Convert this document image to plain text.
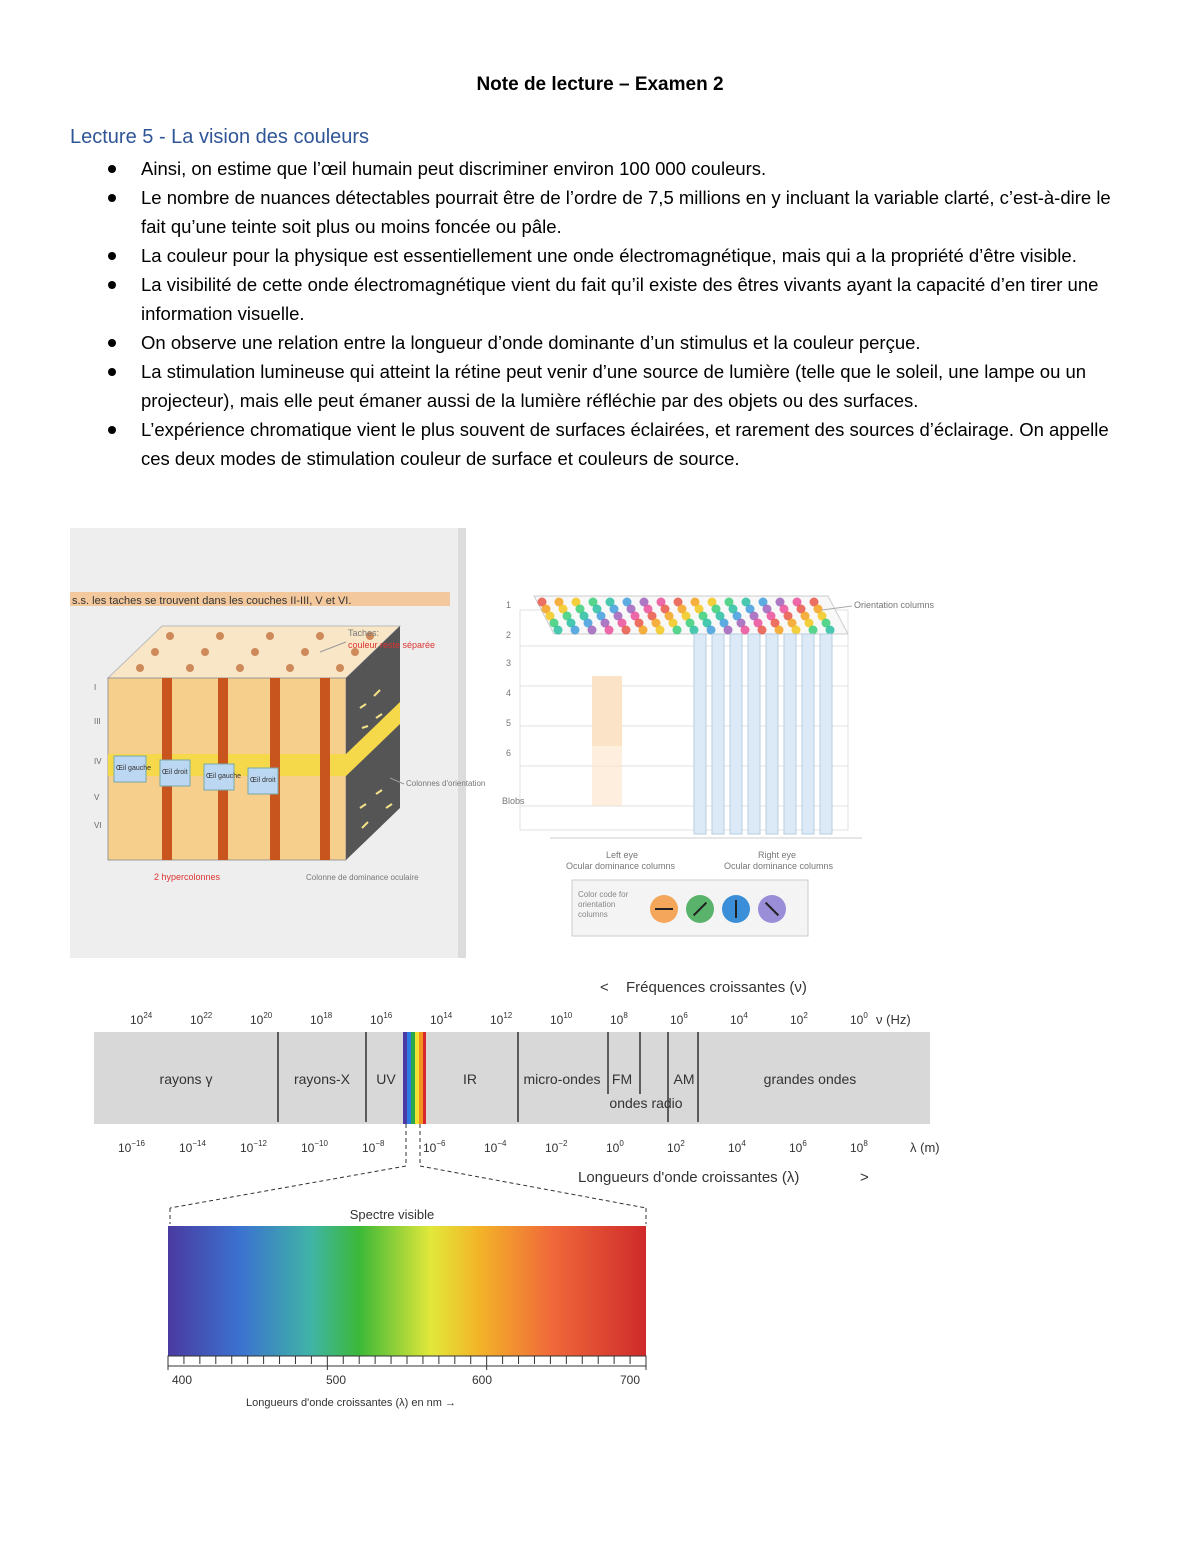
Note de lecture – Examen 2
Lecture 5 - La vision des couleurs
Ainsi, on estime que l’œil humain peut discriminer environ 100 000 couleurs.
Le nombre de nuances détectables pourrait être de l’ordre de 7,5 millions en y incluant la variable clarté, c’est-à-dire le fait qu’une teinte soit plus ou moins foncée ou pâle.
La couleur pour la physique est essentiellement une onde électromagnétique, mais qui a la propriété d’être visible.
La visibilité de cette onde électromagnétique vient du fait qu’il existe des êtres vivants ayant la capacité d’en tirer une information visuelle.
On observe une relation entre la longueur d’onde dominante d’un stimulus et la couleur perçue.
La stimulation lumineuse qui atteint la rétine peut venir d’une source de lumière (telle que le soleil, une lampe ou un projecteur), mais elle peut émaner aussi de la lumière réfléchie par des objets ou des surfaces.
L’expérience chromatique vient le plus souvent de surfaces éclairées, et rarement des sources d’éclairage. On appelle ces deux modes de stimulation couleur de surface et couleurs de source.
s.s. les taches se trouvent dans les couches II-III, V et VI.
Œil gauche
Œil droit
Œil gauche
Œil droit
I
III
IV
V
VI
Taches:
couleur reste séparée
Colonnes d'orientation
Colonne de dominance oculaire
2 hypercolonnes
Orientation columns
Blobs
1
2
3
4
5
6
Left eye
Ocular dominance columns
Right eye
Ocular dominance columns
Color code for orientation columns
< Fréquences croissantes (ν)
$10^{24}$	$10^{22}$	$10^{20}$	$10^{18}$	$10^{16}$	$10^{14}$	$10^{12}$	$10^{10}$	$10^8$	$10^6$	$10^4$	$10^2$	$10^0$ ν (Hz)
rayons γ	rayons-X UV	IR	micro-ondes FM	AM	grandes ondes
ondes radio
$10^{-16}$	$10^{-14}$	$10^{-12}$	$10^{-10}$	$10^{-8}$	$10^{-6}$	$10^{-4}$	$10^{-2}$	$10^0$	$10^2$	$10^4$	$10^6$	$10^8$	λ (m)
Longueurs d'onde croissantes (λ)	>
Spectre visible
400	500	600	700
Longueurs d'onde croissantes (λ) en nm →
